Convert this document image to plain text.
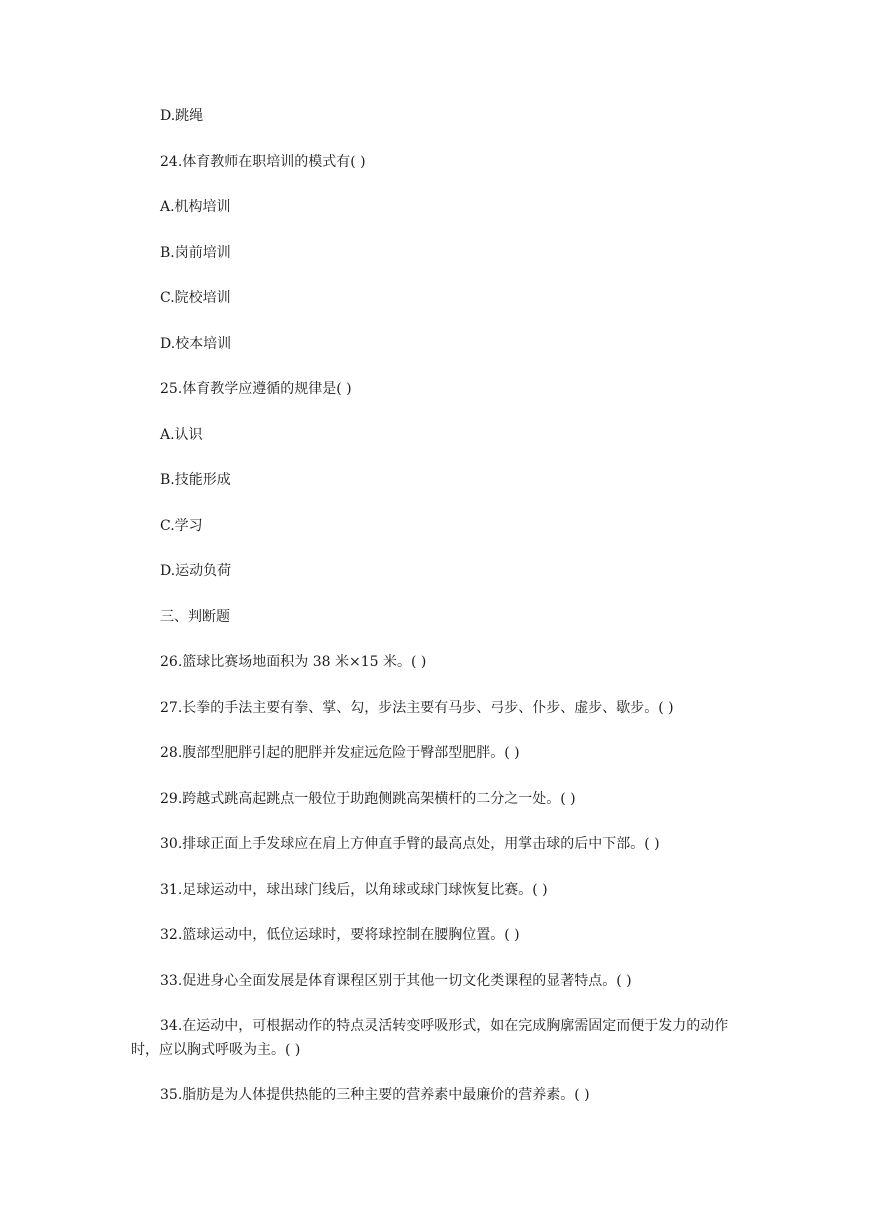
D.跳绳
24.体育教师在职培训的模式有( )
A.机构培训
B.岗前培训
C.院校培训
D.校本培训
25.体育教学应遵循的规律是( )
A.认识
B.技能形成
C.学习
D.运动负荷
三、判断题
26.篮球比赛场地面积为 38 米×15 米。( )
27.长拳的手法主要有拳、掌、勾，步法主要有马步、弓步、仆步、虚步、歇步。( )
28.腹部型肥胖引起的肥胖并发症远危险于臀部型肥胖。( )
29.跨越式跳高起跳点一般位于助跑侧跳高架横杆的二分之一处。( )
30.排球正面上手发球应在肩上方伸直手臂的最高点处，用掌击球的后中下部。( )
31.足球运动中，球出球门线后，以角球或球门球恢复比赛。( )
32.篮球运动中，低位运球时，要将球控制在腰胸位置。( )
33.促进身心全面发展是体育课程区别于其他一切文化类课程的显著特点。( )
34.在运动中，可根据动作的特点灵活转变呼吸形式，如在完成胸廓需固定而便于发力的动作时，应以胸式呼吸为主。( )
35.脂肪是为人体提供热能的三种主要的营养素中最廉价的营养素。( )
